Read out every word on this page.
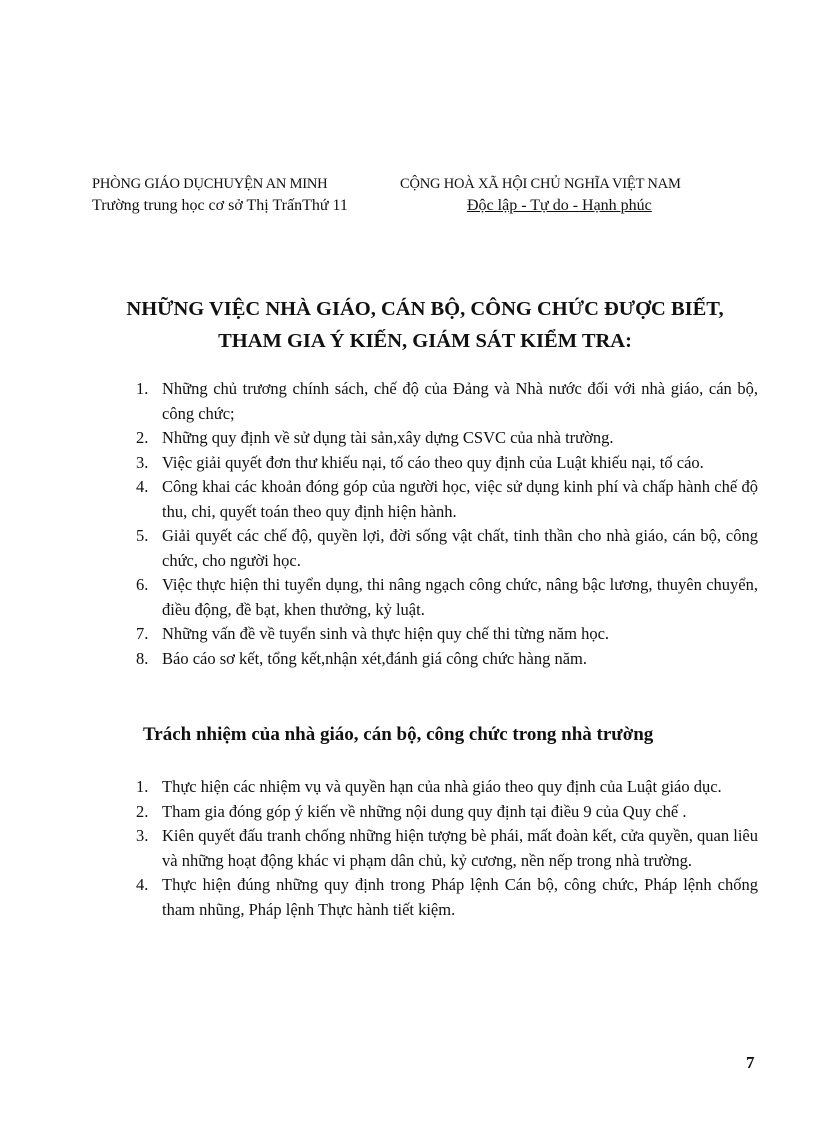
PHÒNG GIÁO DỤCHUYỆN AN MINH	CỘNG HOÀ XÃ HỘI CHỦ NGHĨA VIỆT NAM
Trường trung học cơ sở Thị TrấnThứ 11	Độc lập - Tự do - Hạnh phúc
NHỮNG VIỆC NHÀ GIÁO, CÁN BỘ, CÔNG CHỨC ĐƯỢC BIẾT,
THAM GIA Ý KIẾN, GIÁM SÁT KIỂM TRA:
1. Những chủ trương chính sách, chế độ của Đảng và Nhà nước đối với nhà giáo, cán bộ, công chức;
2. Những quy định về sử dụng tài sản,xây dựng CSVC của nhà trường.
3. Việc giải quyết đơn thư khiếu nại, tố cáo theo quy định của Luật khiếu nại, tố cáo.
4. Công khai các khoản đóng góp của người học, việc sử dụng kinh phí và chấp hành chế độ thu, chi, quyết toán theo quy định hiện hành.
5. Giải quyết các chế độ, quyền lợi, đời sống vật chất, tinh thần cho nhà giáo, cán bộ, công chức, cho người học.
6. Việc thực hiện thi tuyển dụng, thi nâng ngạch công chức, nâng bậc lương, thuyên chuyển, điều động, đề bạt, khen thưởng, kỷ luật.
7. Những vấn đề về tuyển sinh và thực hiện quy chế thi từng năm học.
8. Báo cáo sơ kết, tổng kết,nhận xét,đánh giá công chức hàng năm.
Trách nhiệm của nhà giáo, cán bộ, công chức trong nhà trường
1. Thực hiện các nhiệm vụ và quyền hạn của nhà giáo theo quy định của Luật giáo dục.
2. Tham gia đóng góp ý kiến về những nội dung quy định tại điều 9 của Quy chế .
3. Kiên quyết đấu tranh chống những hiện tượng bè phái, mất đoàn kết, cửa quyền, quan liêu và những hoạt động khác vi phạm dân chủ, kỷ cương, nền nếp trong nhà trường.
4. Thực hiện đúng những quy định trong Pháp lệnh Cán bộ, công chức, Pháp lệnh chống tham nhũng, Pháp lệnh Thực hành tiết kiệm.
7
